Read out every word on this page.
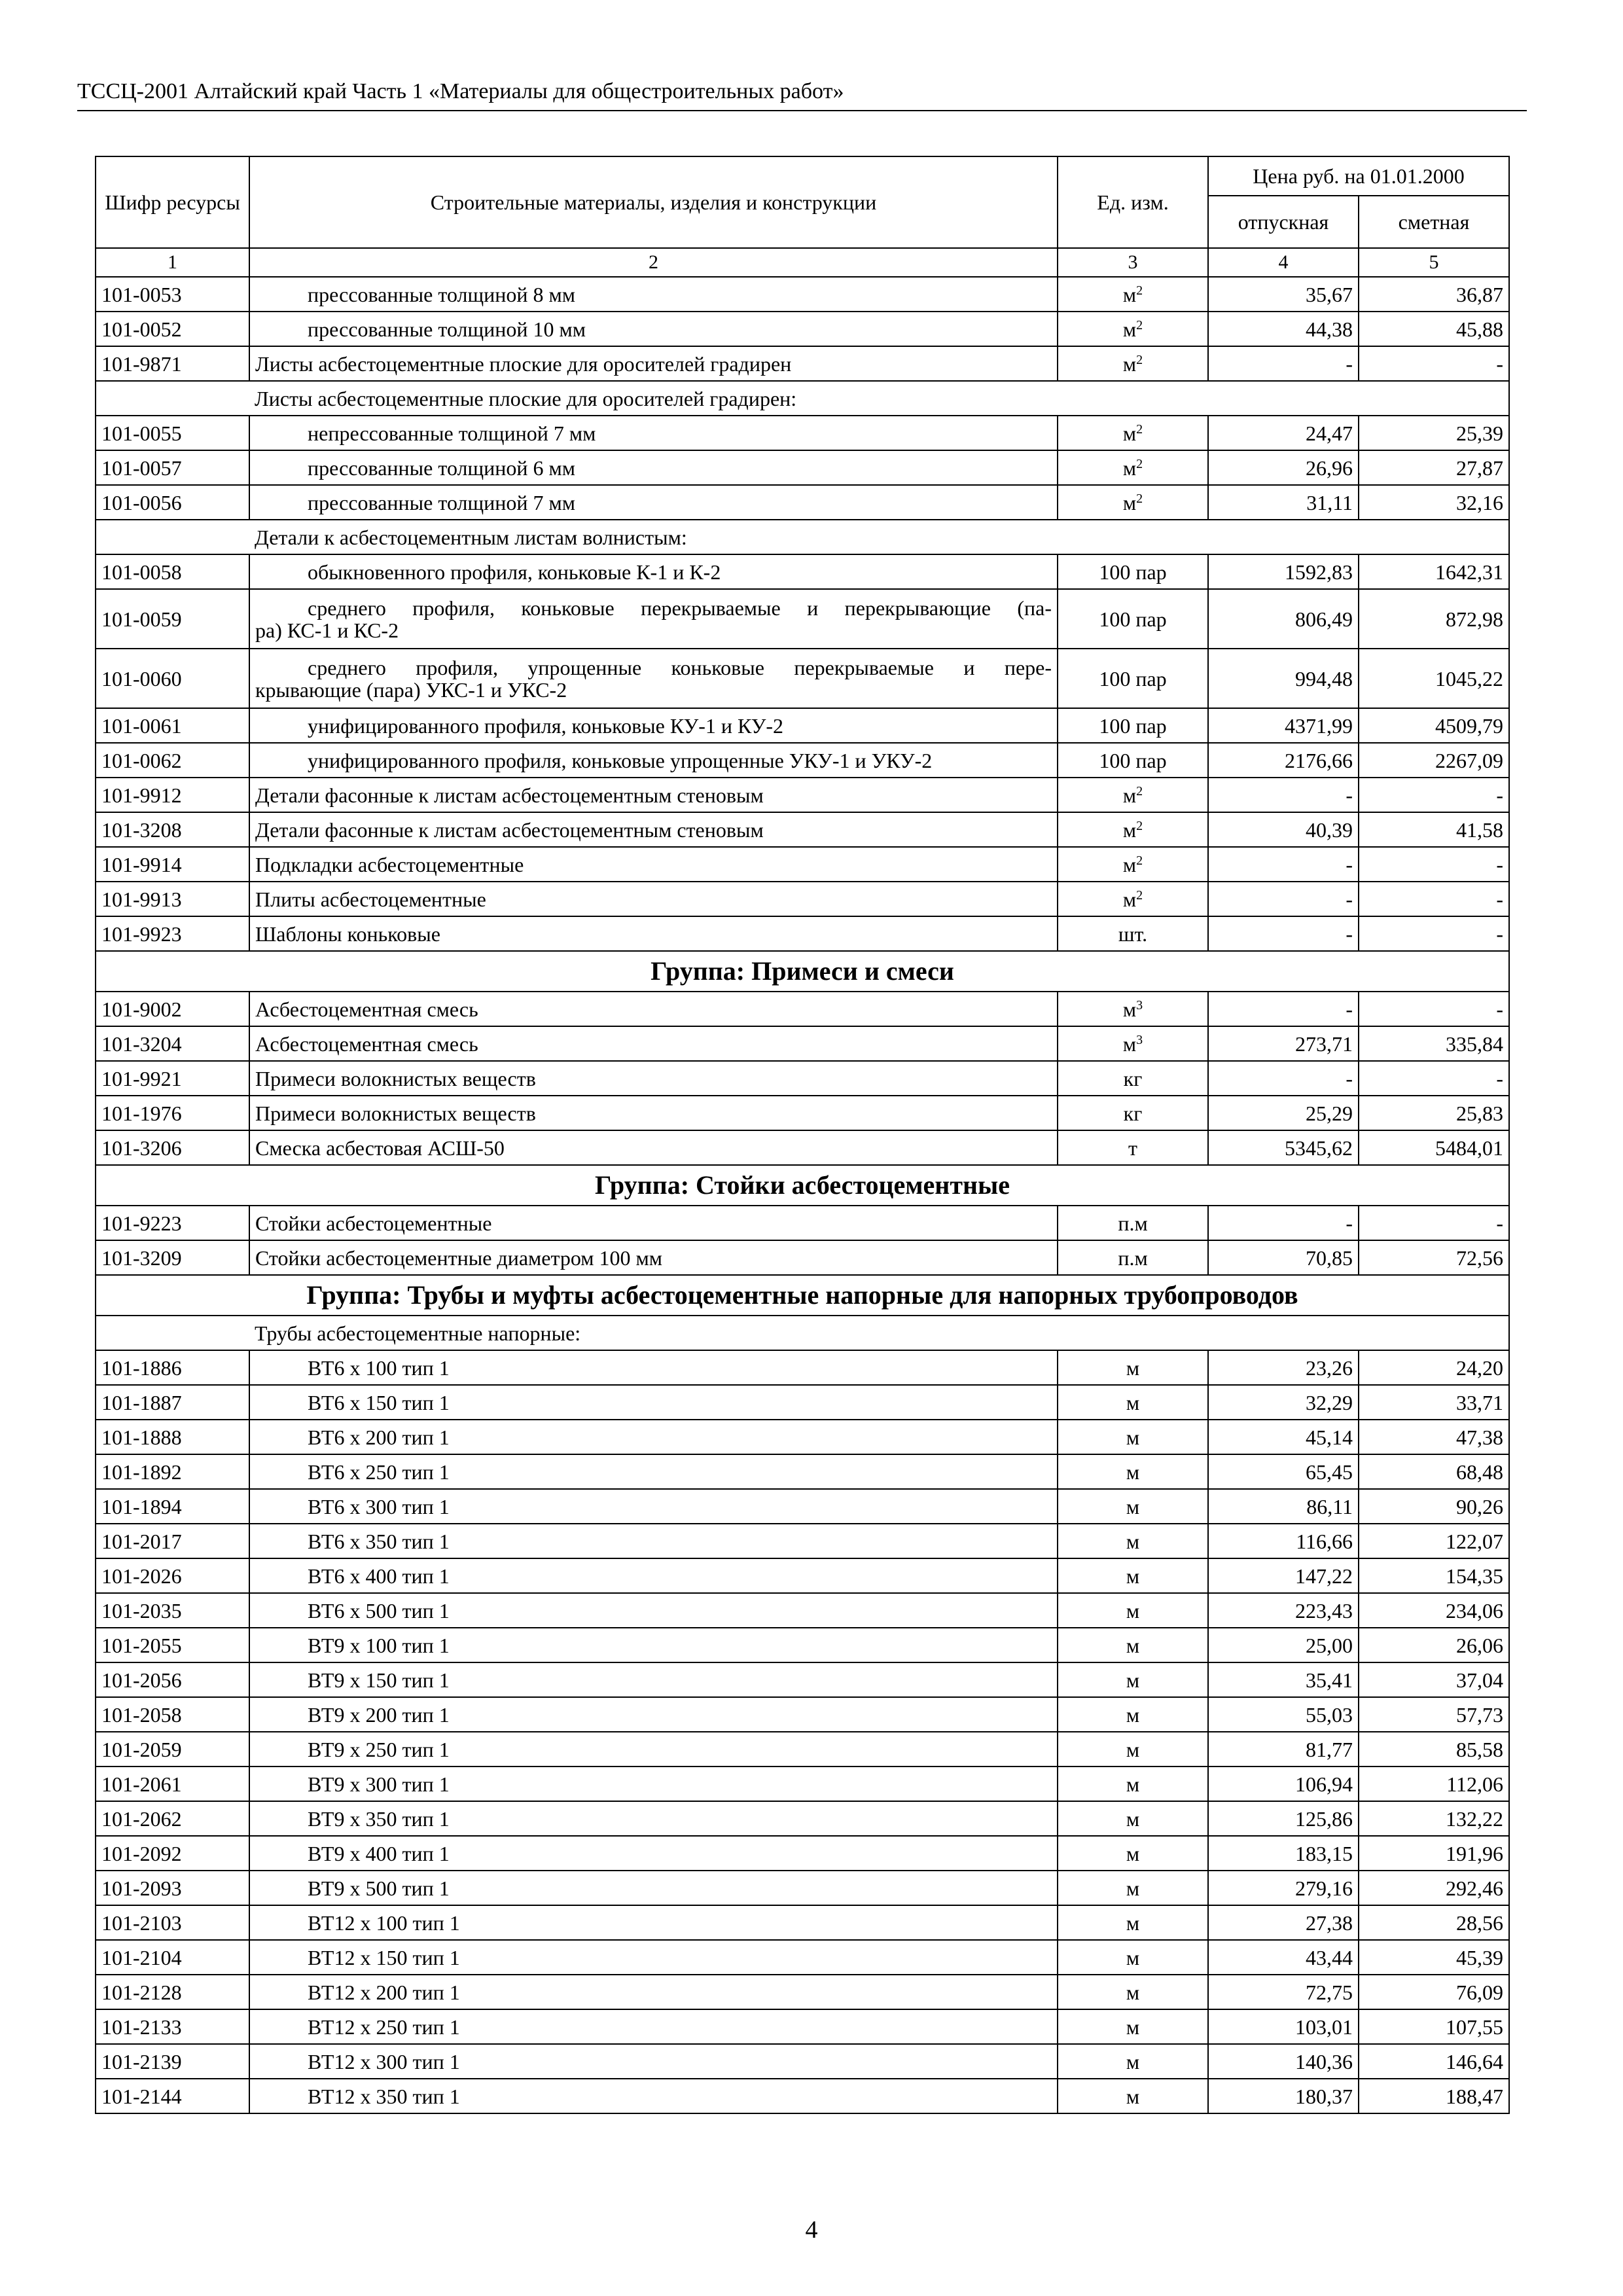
ТССЦ-2001 Алтайский край Часть 1 «Материалы для общестроительных работ»
Шифр ресурсы	Строительные материалы, изделия и конструкции	Ед. изм.	Цена руб. на 01.01.2000	
			отпускная	сметная
1	2	3	4	5
101-0053	прессованные толщиной 8 мм	$м^2$	35,67	36,87
101-0052	прессованные толщиной 10 мм	$м^2$	44,38	45,88
101-9871	Листы асбестоцементные плоские для оросителей градирен	$м^2$	-	-
	Листы асбестоцементные плоские для оросителей градирен:			
101-0055	непрессованные толщиной 7 мм	$м^2$	24,47	25,39
101-0057	прессованные толщиной 6 мм	$м^2$	26,96	27,87
101-0056	прессованные толщиной 7 мм	$м^2$	31,11	32,16
	Детали к асбестоцементным листам волнистым:			
101-0058	обыкновенного профиля, коньковые К-1 и К-2	100 пар	1592,83	1642,31
101-0059	среднего профиля, коньковые перекрываемые и перекрывающие (па-
ра) КС-1 и КС-2	100 пар	806,49	872,98
101-0060	среднего профиля, упрощенные коньковые перекрываемые и пере-
крывающие (пара) УКС-1 и УКС-2	100 пар	994,48	1045,22
101-0061	унифицированного профиля, коньковые КУ-1 и КУ-2	100 пар	4371,99	4509,79
101-0062	унифицированного профиля, коньковые упрощенные УКУ-1 и УКУ-2	100 пар	2176,66	2267,09
101-9912	Детали фасонные к листам асбестоцементным стеновым	$м^2$	-	-
101-3208	Детали фасонные к листам асбестоцементным стеновым	$м^2$	40,39	41,58
101-9914	Подкладки асбестоцементные	$м^2$	-	-
101-9913	Плиты асбестоцементные	$м^2$	-	-
101-9923	Шаблоны коньковые	шт.	-	-
Группа: Примеси и смеси				
101-9002	Асбестоцементная смесь	$м^3$	-	-
101-3204	Асбестоцементная смесь	$м^3$	273,71	335,84
101-9921	Примеси волокнистых веществ	кг	-	-
101-1976	Примеси волокнистых веществ	кг	25,29	25,83
101-3206	Смеска асбестовая АСШ-50	т	5345,62	5484,01
Группа: Стойки асбестоцементные				
101-9223	Стойки асбестоцементные	п.м	-	-
101-3209	Стойки асбестоцементные диаметром 100 мм	п.м	70,85	72,56
Группа: Трубы и муфты асбестоцементные напорные для напорных трубопроводов				
	Трубы асбестоцементные напорные:			
101-1886	ВТ6 х 100 тип 1	м	23,26	24,20
101-1887	ВТ6 х 150 тип 1	м	32,29	33,71
101-1888	ВТ6 х 200 тип 1	м	45,14	47,38
101-1892	ВТ6 х 250 тип 1	м	65,45	68,48
101-1894	ВТ6 х 300 тип 1	м	86,11	90,26
101-2017	ВТ6 х 350 тип 1	м	116,66	122,07
101-2026	ВТ6 х 400 тип 1	м	147,22	154,35
101-2035	ВТ6 х 500 тип 1	м	223,43	234,06
101-2055	ВТ9 х 100 тип 1	м	25,00	26,06
101-2056	ВТ9 х 150 тип 1	м	35,41	37,04
101-2058	ВТ9 х 200 тип 1	м	55,03	57,73
101-2059	ВТ9 х 250 тип 1	м	81,77	85,58
101-2061	ВТ9 х 300 тип 1	м	106,94	112,06
101-2062	ВТ9 х 350 тип 1	м	125,86	132,22
101-2092	ВТ9 х 400 тип 1	м	183,15	191,96
101-2093	ВТ9 х 500 тип 1	м	279,16	292,46
101-2103	ВТ12 х 100 тип 1	м	27,38	28,56
101-2104	ВТ12 х 150 тип 1	м	43,44	45,39
101-2128	ВТ12 х 200 тип 1	м	72,75	76,09
101-2133	ВТ12 х 250 тип 1	м	103,01	107,55
101-2139	ВТ12 х 300 тип 1	м	140,36	146,64
101-2144	ВТ12 х 350 тип 1	м	180,37	188,47
4
